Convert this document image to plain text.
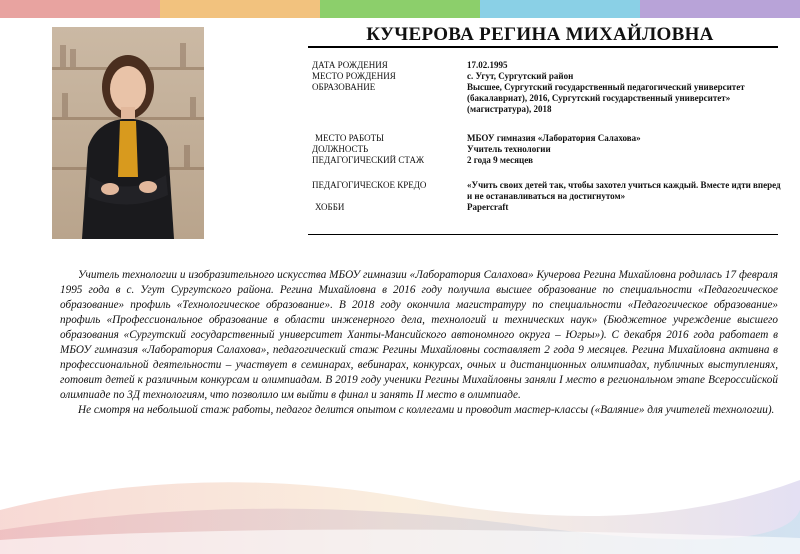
КУЧЕРОВА РЕГИНА МИХАЙЛОВНА
ДАТА РОЖДЕНИЯ	17.02.1995
МЕСТО РОЖДЕНИЯ	с. Угут, Сургутский район
ОБРАЗОВАНИЕ	Высшее, Сургутский государственный педагогический университет (бакалавриат), 2016, Сургутский государственный университет» (магистратура), 2018
МЕСТО РАБОТЫ	МБОУ гимназия «Лаборатория Салахова»
ДОЛЖНОСТЬ	Учитель технологии
ПЕДАГОГИЧЕСКИЙ СТАЖ	2 года 9 месяцев
ПЕДАГОГИЧЕСКОЕ КРЕДО	«Учить своих детей так, чтобы захотел учиться каждый. Вместе идти вперед и не останавливаться на достигнутом»
ХОББИ	Papercraft

Учитель технологии и изобразительного искусства МБОУ гимназии «Лаборатория Салахова» Кучерова Регина Михайловна родилась 17 февраля 1995 года в с. Угут Сургутского района. Регина Михайловна в 2016 году получила высшее образование по специальности «Педагогическое образование» профиль «Технологическое образование». В 2018 году окончила магистратуру по специальности «Педагогическое образование» профиль «Профессиональное образование в области инженерного дела, технологий и технических наук» (Бюджетное учреждение высшего образования «Сургутский государственный университет Ханты-Мансийского автономного округа – Югры»). С декабря 2016 года работает в МБОУ гимназия «Лаборатория Салахова», педагогический стаж Регины Михайловны составляет 2 года 9 месяцев. Регина Михайловна активна в профессиональной деятельности – участвует в семинарах, вебинарах, конкурсах, очных и дистанционных олимпиадах, публичных выступлениях, готовит детей к различным конкурсам и олимпиадам. В 2019 году ученики Регины Михайловны заняли I место в региональном этапе Всероссийской олимпиаде по 3Д технологиям, что позволило им выйти в финал и занять II место в олимпиаде.

Не смотря на небольшой стаж работы, педагог делится опытом с коллегами и проводит мастер-классы («Валяние» для учителей технологии).
